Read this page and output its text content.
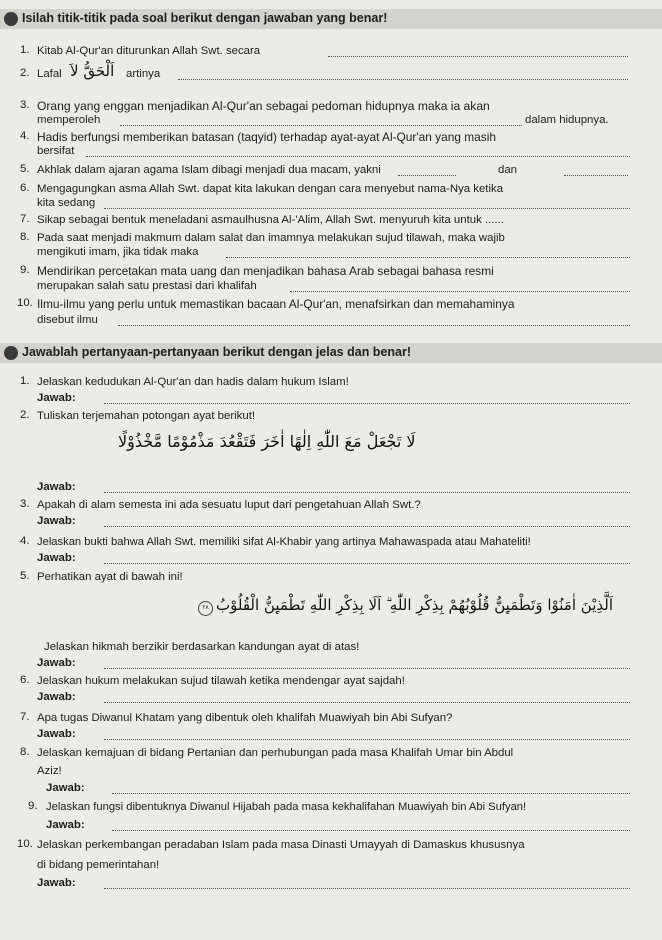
Isilah titik-titik pada soal berikut dengan jawaban yang benar!
1. Kitab Al-Qur'an diturunkan Allah Swt. secara
2. Lafal اَلْحَقُّ لاَ artinya
3. Orang yang enggan menjadikan Al-Qur'an sebagai pedoman hidupnya maka ia akan
memperoleh	dalam hidupnya.
4. Hadis berfungsi memberikan batasan (taqyid) terhadap ayat-ayat Al-Qur'an yang masih
bersifat
5. Akhlak dalam ajaran agama Islam dibagi menjadi dua macam, yakni	dan
6. Mengagungkan asma Allah Swt. dapat kita lakukan dengan cara menyebut nama-Nya ketika
kita sedang
7. Sikap sebagai bentuk meneladani asmaulhusna Al-'Alim, Allah Swt. menyuruh kita untuk ......
8. Pada saat menjadi makmum dalam salat dan imamnya melakukan sujud tilawah, maka wajib
mengikuti imam, jika tidak maka
9. Mendirikan percetakan mata uang dan menjadikan bahasa Arab sebagai bahasa resmi
merupakan salah satu prestasi dari khalifah
10. Ilmu-ilmu yang perlu untuk memastikan bacaan Al-Qur'an, menafsirkan dan memahaminya
disebut ilmu
Jawablah pertanyaan-pertanyaan berikut dengan jelas dan benar!
1. Jelaskan kedudukan Al-Qur'an dan hadis dalam hukum Islam!
Jawab:
2. Tuliskan terjemahan potongan ayat berikut!
لَا تَجْعَلْ مَعَ اللّٰهِ اِلٰهًا اٰخَرَ فَتَقْعُدَ مَذْمُوْمًا مَّخْذُوْلًا
Jawab:
3. Apakah di alam semesta ini ada sesuatu luput dari pengetahuan Allah Swt.?
Jawab:
4. Jelaskan bukti bahwa Allah Swt. memiliki sifat Al-Khabir yang artinya Mahawaspada atau Mahateliti!
Jawab:
5. Perhatikan ayat di bawah ini!
٢٨ اَلَّذِيْنَ اٰمَنُوْا وَتَطْمَىِٕنُّ قُلُوْبُهُمْ بِذِكْرِ اللّٰهِ ۗ اَلَا بِذِكْرِ اللّٰهِ تَطْمَىِٕنُّ الْقُلُوْبُ
Jelaskan hikmah berzikir berdasarkan kandungan ayat di atas!
Jawab:
6. Jelaskan hukum melakukan sujud tilawah ketika mendengar ayat sajdah!
Jawab:
7. Apa tugas Diwanul Khatam yang dibentuk oleh khalifah Muawiyah bin Abi Sufyan?
Jawab:
8. Jelaskan kemajuan di bidang Pertanian dan perhubungan pada masa Khalifah Umar bin Abdul
Aziz!
Jawab:
9. Jelaskan fungsi dibentuknya Diwanul Hijabah pada masa kekhalifahan Muawiyah bin Abi Sufyan!
Jawab:
10. Jelaskan perkembangan peradaban Islam pada masa Dinasti Umayyah di Damaskus khususnya
di bidang pemerintahan!
Jawab:
